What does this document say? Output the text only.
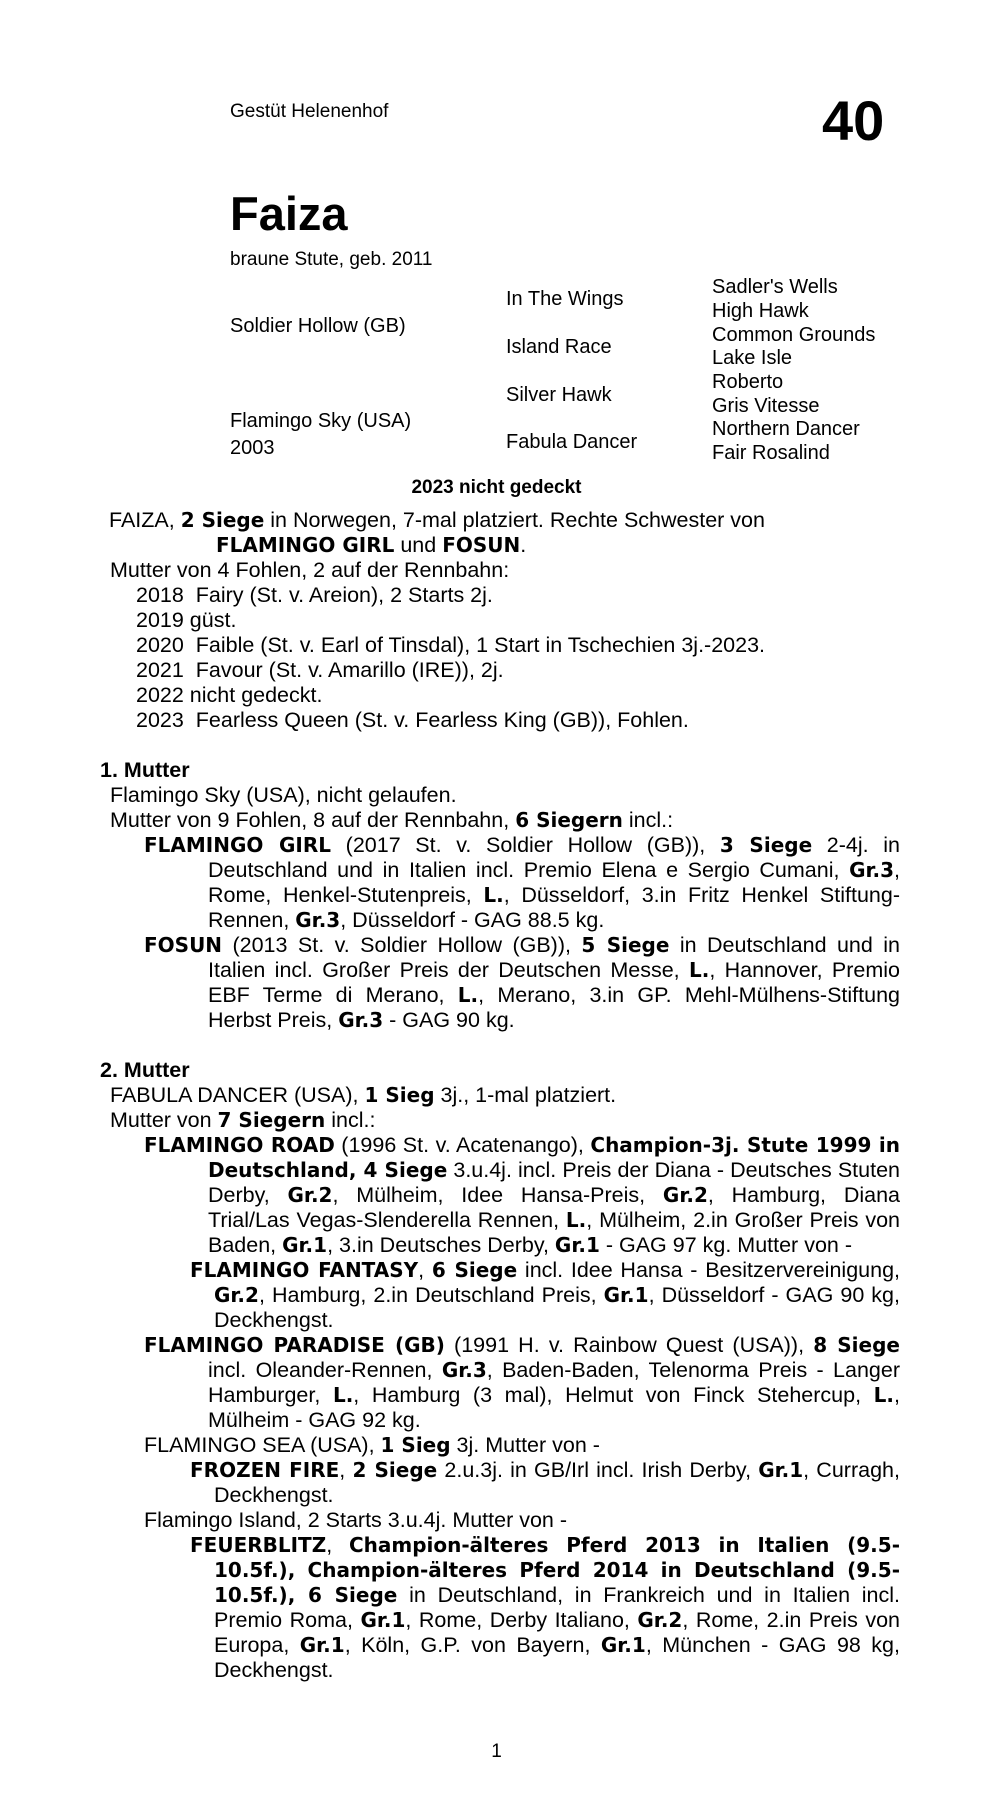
Gestüt Helenenhof	40
Faiza
braune Stute, geb. 2011
Soldier Hollow (GB)
Flamingo Sky (USA)
2003
In The Wings
Island Race
Silver Hawk
Fabula Dancer
Sadler's Wells
High Hawk
Common Grounds
Lake Isle
Roberto
Gris Vitesse
Northern Dancer
Fair Rosalind
2023 nicht gedeckt

FAIZA, 2 Siege in Norwegen, 7-mal platziert. Rechte Schwester von

FLAMINGO GIRL und FOSUN.

Mutter von 4 Fohlen, 2 auf der Rennbahn:

2018  Fairy (St. v. Areion), 2 Starts 2j.

2019 güst.

2020  Faible (St. v. Earl of Tinsdal), 1 Start in Tschechien 3j.-2023.

2021  Favour (St. v. Amarillo (IRE)), 2j.

2022 nicht gedeckt.

2023  Fearless Queen (St. v. Fearless King (GB)), Fohlen.

1. Mutter

Flamingo Sky (USA), nicht gelaufen.

Mutter von 9 Fohlen, 8 auf der Rennbahn, 6 Siegern incl.:

FLAMINGO GIRL (2017 St. v. Soldier Hollow (GB)), 3 Siege 2-4j. in Deutschland und in Italien incl. Premio Elena e Sergio Cumani, Gr.3, Rome, Henkel-Stutenpreis, L., Düsseldorf, 3.in Fritz Henkel Stiftung-Rennen, Gr.3, Düsseldorf - GAG 88.5 kg.

FOSUN (2013 St. v. Soldier Hollow (GB)), 5 Siege in Deutschland und in Italien incl. Großer Preis der Deutschen Messe, L., Hannover, Premio EBF Terme di Merano, L., Merano, 3.in GP. Mehl-Mülhens-Stiftung Herbst Preis, Gr.3 - GAG 90 kg.

2. Mutter

FABULA DANCER (USA), 1 Sieg 3j., 1-mal platziert.

Mutter von 7 Siegern incl.:

FLAMINGO ROAD (1996 St. v. Acatenango), Champion-3j. Stute 1999 in Deutschland, 4 Siege 3.u.4j. incl. Preis der Diana - Deutsches Stuten Derby, Gr.2, Mülheim, Idee Hansa-Preis, Gr.2, Hamburg, Diana Trial/Las Vegas-Slenderella Rennen, L., Mülheim, 2.in Großer Preis von Baden, Gr.1, 3.in Deutsches Derby, Gr.1 - GAG 97 kg. Mutter von -

FLAMINGO FANTASY, 6 Siege incl. Idee Hansa - Besitzervereinigung, Gr.2, Hamburg, 2.in Deutschland Preis, Gr.1, Düsseldorf - GAG 90 kg, Deckhengst.

FLAMINGO PARADISE (GB) (1991 H. v. Rainbow Quest (USA)), 8 Siege incl. Oleander-Rennen, Gr.3, Baden-Baden, Telenorma Preis - Langer Hamburger, L., Hamburg (3 mal), Helmut von Finck Stehercup, L., Mülheim - GAG 92 kg.

FLAMINGO SEA (USA), 1 Sieg 3j. Mutter von -

FROZEN FIRE, 2 Siege 2.u.3j. in GB/Irl incl. Irish Derby, Gr.1, Curragh, Deckhengst.

Flamingo Island, 2 Starts 3.u.4j. Mutter von -

FEUERBLITZ, Champion-älteres Pferd 2013 in Italien (9.5-10.5f.), Champion-älteres Pferd 2014 in Deutschland (9.5-10.5f.), 6 Siege in Deutschland, in Frankreich und in Italien incl. Premio Roma, Gr.1, Rome, Derby Italiano, Gr.2, Rome, 2.in Preis von Europa, Gr.1, Köln, G.P. von Bayern, Gr.1, München - GAG 98 kg, Deckhengst.

1
